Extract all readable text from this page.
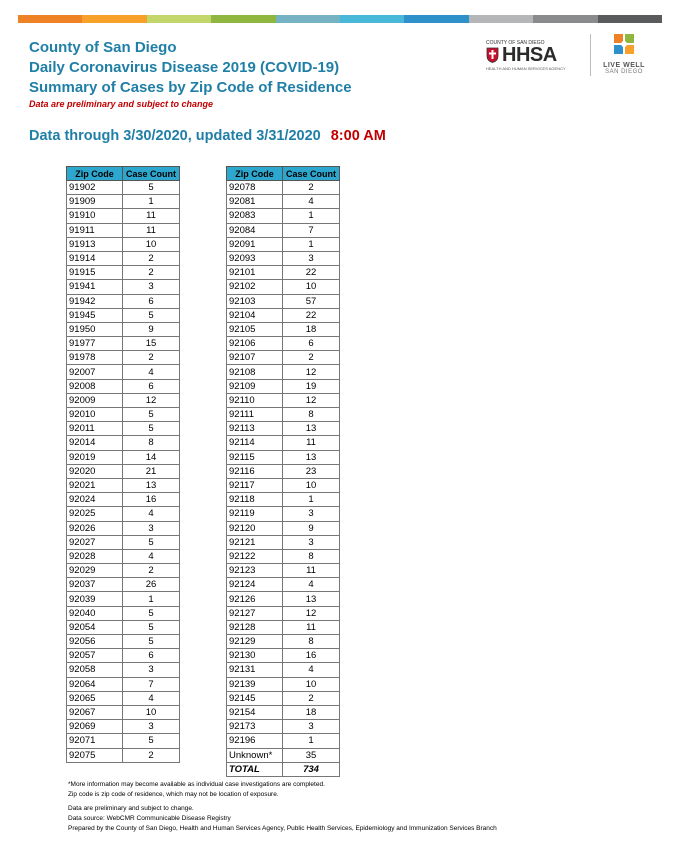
County of San Diego
Daily Coronavirus Disease 2019 (COVID-19)
Summary of Cases by Zip Code of Residence
Data are preliminary and subject to change
Data through 3/30/2020, updated 3/31/2020 8:00 AM
COUNTY OF SAN DIEGO
HHSA
HEALTH AND HUMAN SERVICES AGENCY	LIVE WELL
SAN DIEGO
Zip Code	Case Count
91902	5
91909	1
91910	11
91911	11
91913	10
91914	2
91915	2
91941	3
91942	6
91945	5
91950	9
91977	15
91978	2
92007	4
92008	6
92009	12
92010	5
92011	5
92014	8
92019	14
92020	21
92021	13
92024	16
92025	4
92026	3
92027	5
92028	4
92029	2
92037	26
92039	1
92040	5
92054	5
92056	5
92057	6
92058	3
92064	7
92065	4
92067	10
92069	3
92071	5
92075	2
Zip Code	Case Count
92078	2
92081	4
92083	1
92084	7
92091	1
92093	3
92101	22
92102	10
92103	57
92104	22
92105	18
92106	6
92107	2
92108	12
92109	19
92110	12
92111	8
92113	13
92114	11
92115	13
92116	23
92117	10
92118	1
92119	3
92120	9
92121	3
92122	8
92123	11
92124	4
92126	13
92127	12
92128	11
92129	8
92130	16
92131	4
92139	10
92145	2
92154	18
92173	3
92196	1
Unknown*	35
TOTAL	734
*More information may become available as individual case investigations are completed.
Zip code is zip code of residence, which may not be location of exposure.
Data are preliminary and subject to change.
Data source: WebCMR Communicable Disease Registry
Prepared by the County of San Diego, Health and Human Services Agency, Public Health Services, Epidemiology and Immunization Services Branch
